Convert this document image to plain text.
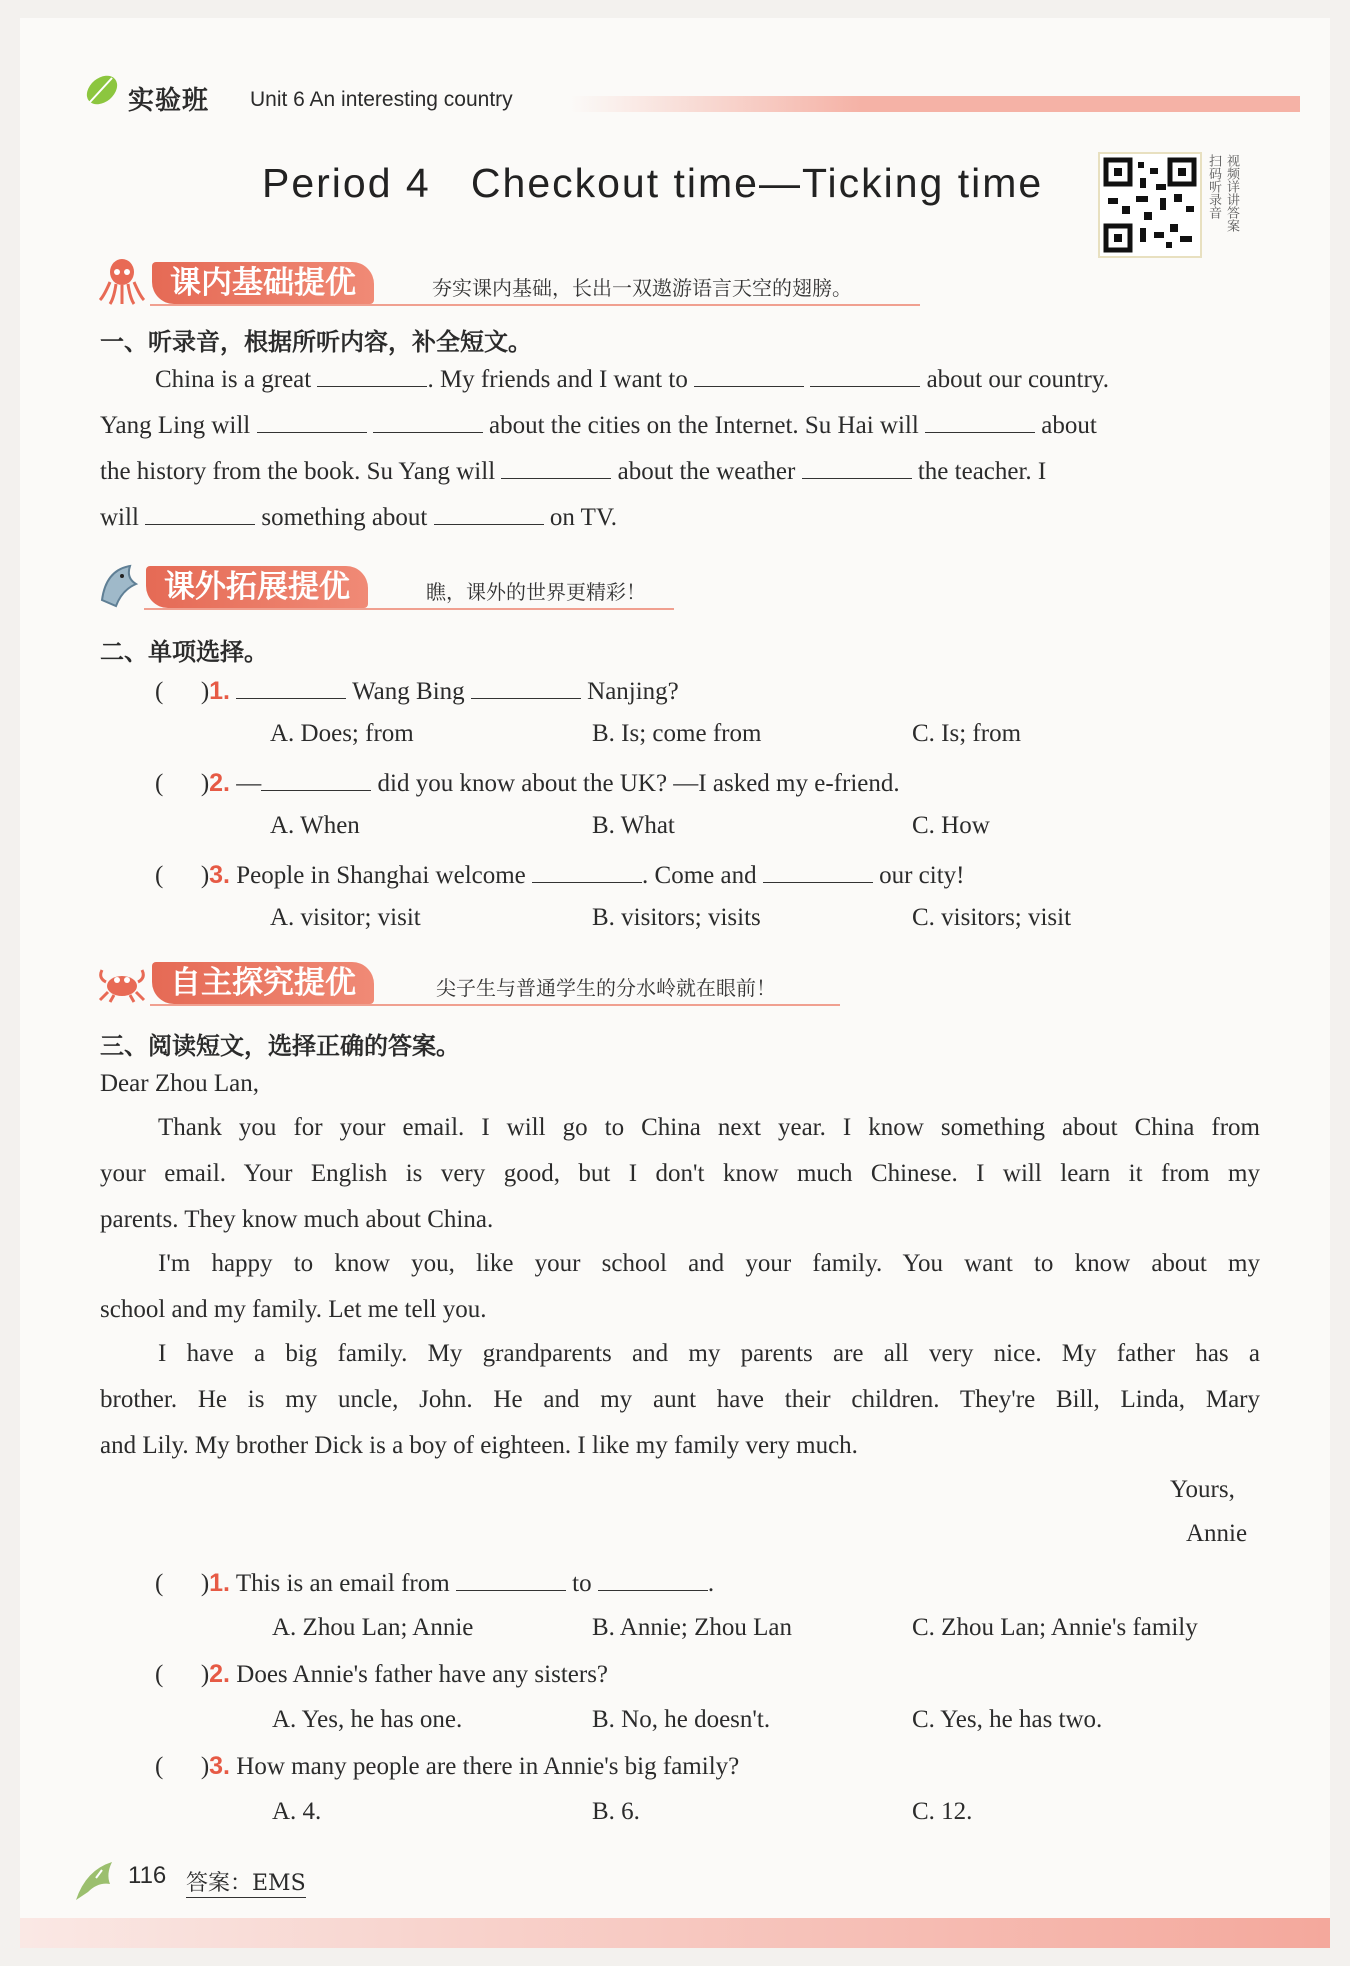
实验班 Unit 6 An interesting country
Period 4 Checkout time—Ticking time	扫码听录音 视频详讲答案
课内基础提优	夯实课内基础，长出一双遨游语言天空的翅膀。
一、听录音，根据所听内容，补全短文。
China is a great	. My friends and I want to	about our country.
Yang Ling will	about the cities on the Internet. Su Hai will	about
the history from the book. Su Yang will	about the weather	the teacher. I
will	something about	on TV.
课外拓展提优	瞧，课外的世界更精彩！
二、单项选择。
(      )1.	Wang Bing	Nanjing?
A. Does; from	B. Is; come from	C. Is; from
(      )2. —	did you know about the UK? —I asked my e-friend.
A. When	B. What	C. How
(      )3. People in Shanghai welcome	. Come and	our city!
A. visitor; visit	B. visitors; visits	C. visitors; visit
自主探究提优	尖子生与普通学生的分水岭就在眼前！
三、阅读短文，选择正确的答案。
Dear Zhou Lan,
Thank you for your email. I will go to China next year. I know something about China from
your email. Your English is very good, but I don't know much Chinese. I will learn it from my
parents. They know much about China.
I'm happy to know you, like your school and your family. You want to know about my
school and my family. Let me tell you.
I have a big family. My grandparents and my parents are all very nice. My father has a
brother. He is my uncle, John. He and my aunt have their children. They're Bill, Linda, Mary
and Lily. My brother Dick is a boy of eighteen. I like my family very much.
Yours,
Annie
(      )1. This is an email from	to	.
A. Zhou Lan; Annie	B. Annie; Zhou Lan	C. Zhou Lan; Annie's family
(      )2. Does Annie's father have any sisters?
A. Yes, he has one.	B. No, he doesn't.	C. Yes, he has two.
(      )3. How many people are there in Annie's big family?
A. 4.	B. 6.	C. 12.
116 答案：EMS
